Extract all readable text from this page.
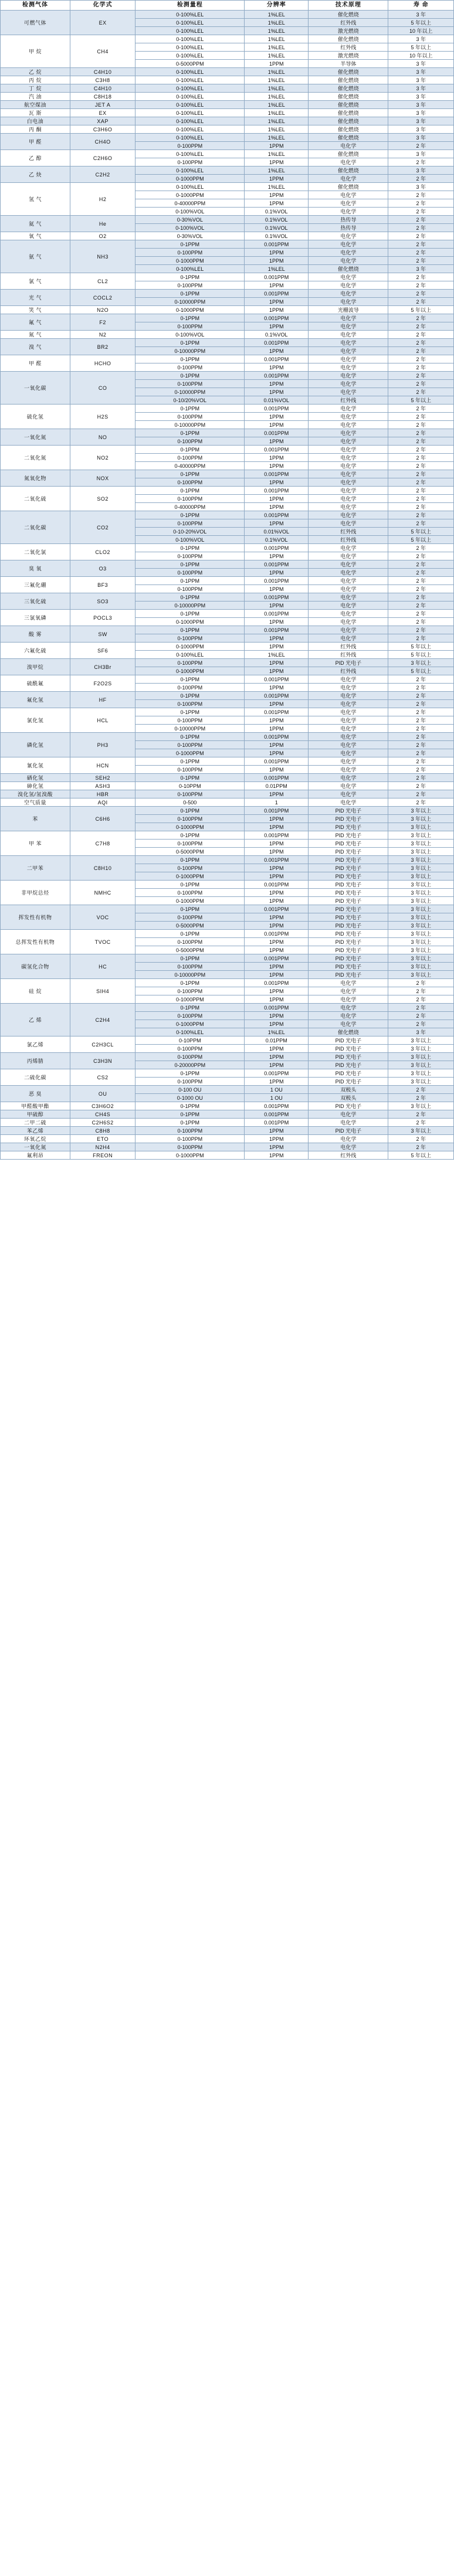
检测气体	化学式	检测量程	分辨率	技术原理	寿 命
可燃气体	EX	0-100%LEL	1%LEL	催化燃烧	3 年
		0-100%LEL	1%LEL	红外线	5 年以上
		0-100%LEL	1%LEL	激光燃烧	10 年以上
甲 烷	CH4	0-100%LEL	1%LEL	催化燃烧	3 年
		0-100%LEL	1%LEL	红外线	5 年以上
		0-100%LEL	1%LEL	激光燃烧	10 年以上
		0-5000PPM	1PPM	半导体	3 年
乙 烷	C4H10	0-100%LEL	1%LEL	催化燃烧	3 年
丙 烷	C3H8	0-100%LEL	1%LEL	催化燃烧	3 年
丁 烷	C4H10	0-100%LEL	1%LEL	催化燃烧	3 年
汽 油	C8H18	0-100%LEL	1%LEL	催化燃烧	3 年
航空煤油	JET A	0-100%LEL	1%LEL	催化燃烧	3 年
瓦 斯	EX	0-100%LEL	1%LEL	催化燃烧	3 年
白电油	XAP	0-100%LEL	1%LEL	催化燃烧	3 年
丙 酮	C3H6O	0-100%LEL	1%LEL	催化燃烧	3 年
甲 醛	CH4O	0-100%LEL	1%LEL	催化燃烧	3 年
		0-100PPM	1PPM	电化学	2 年
乙 醇	C2H6O	0-100%LEL	1%LEL	催化燃烧	3 年
		0-100PPM	1PPM	电化学	2 年
乙 炔	C2H2	0-100%LEL	1%LEL	催化燃烧	3 年
		0-1000PPM	1PPM	电化学	2 年
氢 气	H2	0-100%LEL	1%LEL	催化燃烧	3 年
		0-1000PPM	1PPM	电化学	2 年
		0-40000PPM	1PPM	电化学	2 年
		0-100%VOL	0.1%VOL	电化学	2 年
氦 气	He	0-30%VOL	0.1%VOL	热传导	2 年
		0-100%VOL	0.1%VOL	热传导	2 年
氧 气	O2	0-30%VOL	0.1%VOL	电化学	2 年
氨 气	NH3	0-1PPM	0.001PPM	电化学	2 年
		0-100PPM	1PPM	电化学	2 年
		0-1000PPM	1PPM	电化学	2 年
		0-100%LEL	1%LEL	催化燃烧	3 年
氯 气	CL2	0-1PPM	0.001PPM	电化学	2 年
		0-100PPM	1PPM	电化学	2 年
光 气	COCL2	0-1PPM	0.001PPM	电化学	2 年
		0-10000PPM	1PPM	电化学	2 年
笑 气	N2O	0-1000PPM	1PPM	光栅波导	5 年以上
氟 气	F2	0-1PPM	0.001PPM	电化学	2 年
		0-100PPM	1PPM	电化学	2 年
氮 气	N2	0-100%VOL	0.1%VOL	电化学	2 年
溴 气	BR2	0-1PPM	0.001PPM	电化学	2 年
		0-10000PPM	1PPM	电化学	2 年
甲 醛	HCHO	0-1PPM	0.001PPM	电化学	2 年
		0-100PPM	1PPM	电化学	2 年
一氧化碳	CO	0-1PPM	0.001PPM	电化学	2 年
		0-100PPM	1PPM	电化学	2 年
		0-10000PPM	1PPM	电化学	2 年
		0-10/20%VOL	0.01%VOL	红外线	5 年以上
硫化氢	H2S	0-1PPM	0.001PPM	电化学	2 年
		0-100PPM	1PPM	电化学	2 年
		0-10000PPM	1PPM	电化学	2 年
一氧化氮	NO	0-1PPM	0.001PPM	电化学	2 年
		0-100PPM	1PPM	电化学	2 年
二氧化氮	NO2	0-1PPM	0.001PPM	电化学	2 年
		0-100PPM	1PPM	电化学	2 年
		0-40000PPM	1PPM	电化学	2 年
氮氧化物	NOX	0-1PPM	0.001PPM	电化学	2 年
		0-100PPM	1PPM	电化学	2 年
二氧化硫	SO2	0-1PPM	0.001PPM	电化学	2 年
		0-100PPM	1PPM	电化学	2 年
		0-40000PPM	1PPM	电化学	2 年
二氧化碳	CO2	0-1PPM	0.001PPM	电化学	2 年
		0-100PPM	1PPM	电化学	2 年
		0-10-20%VOL	0.01%VOL	红外线	5 年以上
		0-100%VOL	0.1%VOL	红外线	5 年以上
二氧化氯	CLO2	0-1PPM	0.001PPM	电化学	2 年
		0-100PPM	1PPM	电化学	2 年
臭 氧	O3	0-1PPM	0.001PPM	电化学	2 年
		0-100PPM	1PPM	电化学	2 年
三氟化硼	BF3	0-1PPM	0.001PPM	电化学	2 年
		0-100PPM	1PPM	电化学	2 年
三氧化硫	SO3	0-1PPM	0.001PPM	电化学	2 年
		0-10000PPM	1PPM	电化学	2 年
三氯氧磷	POCL3	0-1PPM	0.001PPM	电化学	2 年
		0-1000PPM	1PPM	电化学	2 年
酸 雾	SW	0-1PPM	0.001PPM	电化学	2 年
		0-100PPM	1PPM	电化学	2 年
六氟化硫	SF6	0-1000PPM	1PPM	红外线	5 年以上
		0-100%LEL	1%LEL	红外线	5 年以上
溴甲烷	CH3Br	0-100PPM	1PPM	PID 光电子	3 年以上
		0-1000PPM	1PPM	红外线	5 年以上
硫酰氟	F2O2S	0-1PPM	0.001PPM	电化学	2 年
		0-100PPM	1PPM	电化学	2 年
氟化氢	HF	0-1PPM	0.001PPM	电化学	2 年
		0-100PPM	1PPM	电化学	2 年
氯化氢	HCL	0-1PPM	0.001PPM	电化学	2 年
		0-100PPM	1PPM	电化学	2 年
		0-10000PPM	1PPM	电化学	2 年
磷化氢	PH3	0-1PPM	0.001PPM	电化学	2 年
		0-100PPM	1PPM	电化学	2 年
		0-1000PPM	1PPM	电化学	2 年
氰化氢	HCN	0-1PPM	0.001PPM	电化学	2 年
		0-100PPM	1PPM	电化学	2 年
硒化氢	SEH2	0-1PPM	0.001PPM	电化学	2 年
砷化氢	ASH3	0-10PPM	0.01PPM	电化学	2 年
溴化氢/氢溴酸	HBR	0-100PPM	1PPM	电化学	2 年
空气质量	AQI	0-500	1	电化学	2 年
苯	C6H6	0-1PPM	0.001PPM	PID 光电子	3 年以上
		0-100PPM	1PPM	PID 光电子	3 年以上
		0-1000PPM	1PPM	PID 光电子	3 年以上
甲 苯	C7H8	0-1PPM	0.001PPM	PID 光电子	3 年以上
		0-100PPM	1PPM	PID 光电子	3 年以上
		0-5000PPM	1PPM	PID 光电子	3 年以上
二甲苯	C8H10	0-1PPM	0.001PPM	PID 光电子	3 年以上
		0-100PPM	1PPM	PID 光电子	3 年以上
		0-1000PPM	1PPM	PID 光电子	3 年以上
非甲烷总烃	NMHC	0-1PPM	0.001PPM	PID 光电子	3 年以上
		0-100PPM	1PPM	PID 光电子	3 年以上
		0-1000PPM	1PPM	PID 光电子	3 年以上
挥发性有机物	VOC	0-1PPM	0.001PPM	PID 光电子	3 年以上
		0-100PPM	1PPM	PID 光电子	3 年以上
		0-5000PPM	1PPM	PID 光电子	3 年以上
总挥发性有机物	TVOC	0-1PPM	0.001PPM	PID 光电子	3 年以上
		0-100PPM	1PPM	PID 光电子	3 年以上
		0-5000PPM	1PPM	PID 光电子	3 年以上
碳氢化合物	HC	0-1PPM	0.001PPM	PID 光电子	3 年以上
		0-100PPM	1PPM	PID 光电子	3 年以上
		0-10000PPM	1PPM	PID 光电子	3 年以上
硅 烷	SIH4	0-1PPM	0.001PPM	电化学	2 年
		0-100PPM	1PPM	电化学	2 年
		0-1000PPM	1PPM	电化学	2 年
乙 烯	C2H4	0-1PPM	0.001PPM	电化学	2 年
		0-100PPM	1PPM	电化学	2 年
		0-1000PPM	1PPM	电化学	2 年
		0-100%LEL	1%LEL	催化燃烧	3 年
氯乙烯	C2H3CL	0-10PPM	0.01PPM	PID 光电子	3 年以上
		0-100PPM	1PPM	PID 光电子	3 年以上
丙烯腈	C3H3N	0-100PPM	1PPM	PID 光电子	3 年以上
		0-20000PPM	1PPM	PID 光电子	3 年以上
二硫化碳	CS2	0-1PPM	0.001PPM	PID 光电子	3 年以上
		0-100PPM	1PPM	PID 光电子	3 年以上
恶 臭	OU	0-100 OU	1 OU	双极头	2 年
		0-1000 OU	1 OU	双极头	2 年
甲醛酸甲酯	C3H6O2	0-1PPM	0.001PPM	PID 光电子	3 年以上
甲硫醇	CH4S	0-1PPM	0.001PPM	电化学	2 年
二甲二硫	C2H6S2	0-1PPM	0.001PPM	电化学	2 年
苯乙烯	C8H8	0-100PPM	1PPM	PID 光电子	3 年以上
环氧乙烷	ETO	0-100PPM	1PPM	电化学	2 年
一氧化氮	N2H4	0-100PPM	1PPM	电化学	2 年
氟利昂	FREON	0-1000PPM	1PPM	红外线	5 年以上
